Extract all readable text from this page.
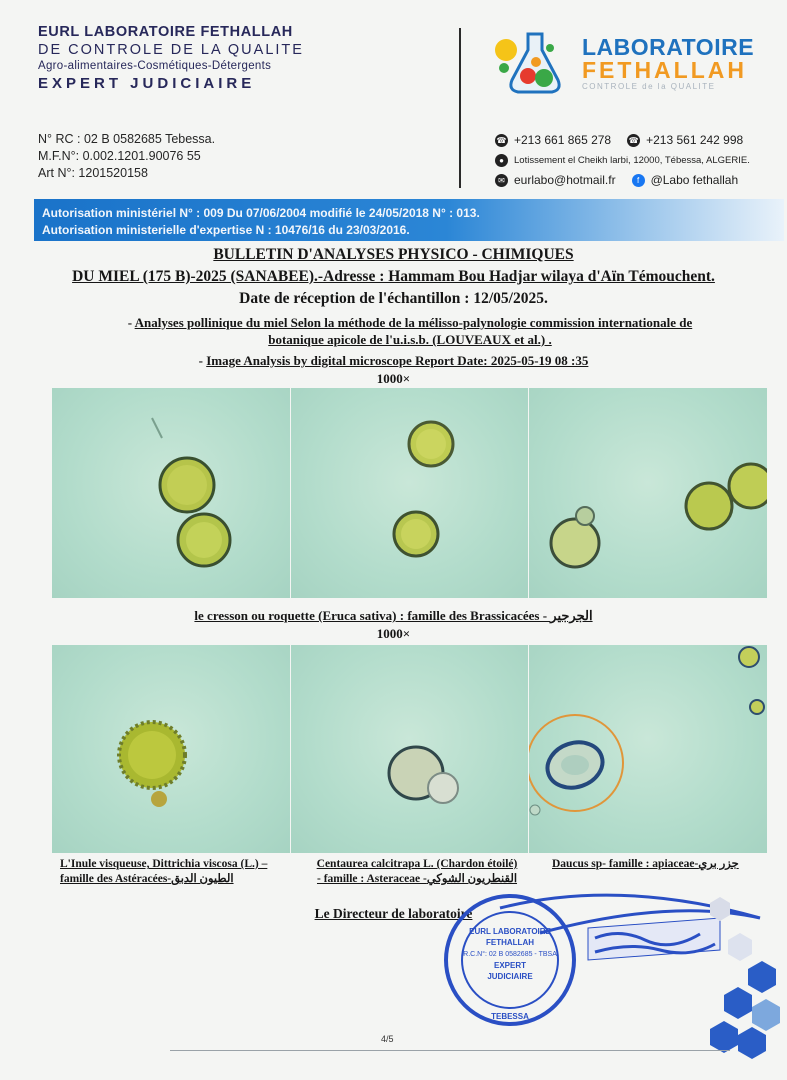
EURL LABORATOIRE FETHALLAH
DE CONTROLE DE LA QUALITE
Agro-alimentaires-Cosmétiques-Détergents
EXPERT JUDICIAIRE
N° RC : 02 B 0582685 Tebessa.
M.F.N°: 0.002.1201.90076 55
Art N°: 1201520158
LABORATOIRE
FETHALLAH
CONTROLE de la QUALITE
☎ +213 661 865 278 ☎ +213 561 242 998
●	Lotissement el Cheikh larbi, 12000, Tébessa, ALGERIE.
✉ eurlabo@hotmail.fr	f @Labo fethallah
Autorisation ministériel N° : 009 Du 07/06/2004 modifié le 24/05/2018 N° : 013.
Autorisation ministerielle d'expertise N : 10476/16 du 23/03/2016.
BULLETIN D'ANALYSES PHYSICO - CHIMIQUES
DU MIEL (175 B)-2025 (SANABEE).-Adresse : Hammam Bou Hadjar wilaya d'Aïn Témouchent.
Date de réception de l'échantillon : 12/05/2025.
- Analyses pollinique du miel Selon la méthode de la mélisso-palynologie commission internationale de
botanique apicole de l'u.i.s.b. (LOUVEAUX et al.) .
- Image Analysis by digital microscope Report Date: 2025-05-19 08 :35
1000×
le cresson ou roquette (Eruca sativa) : famille des Brassicacées - الجرجير
1000×
L'Inule visqueuse, Dittrichia viscosa (L.) –
famille des Astéracées-الطيون الدبق
Centaurea calcitrapa L. (Chardon étoilé)
- famille : Asteraceae -القنطريون الشوكي
Daucus sp- famille : apiaceae-جزر بري
Le Directeur de laboratoire
EURL LABORATOIRE
FETHALLAH
R.C.N°: 02 B 0582685 - TBSA
EXPERT
JUDICIAIRE
TEBESSA
4/5
